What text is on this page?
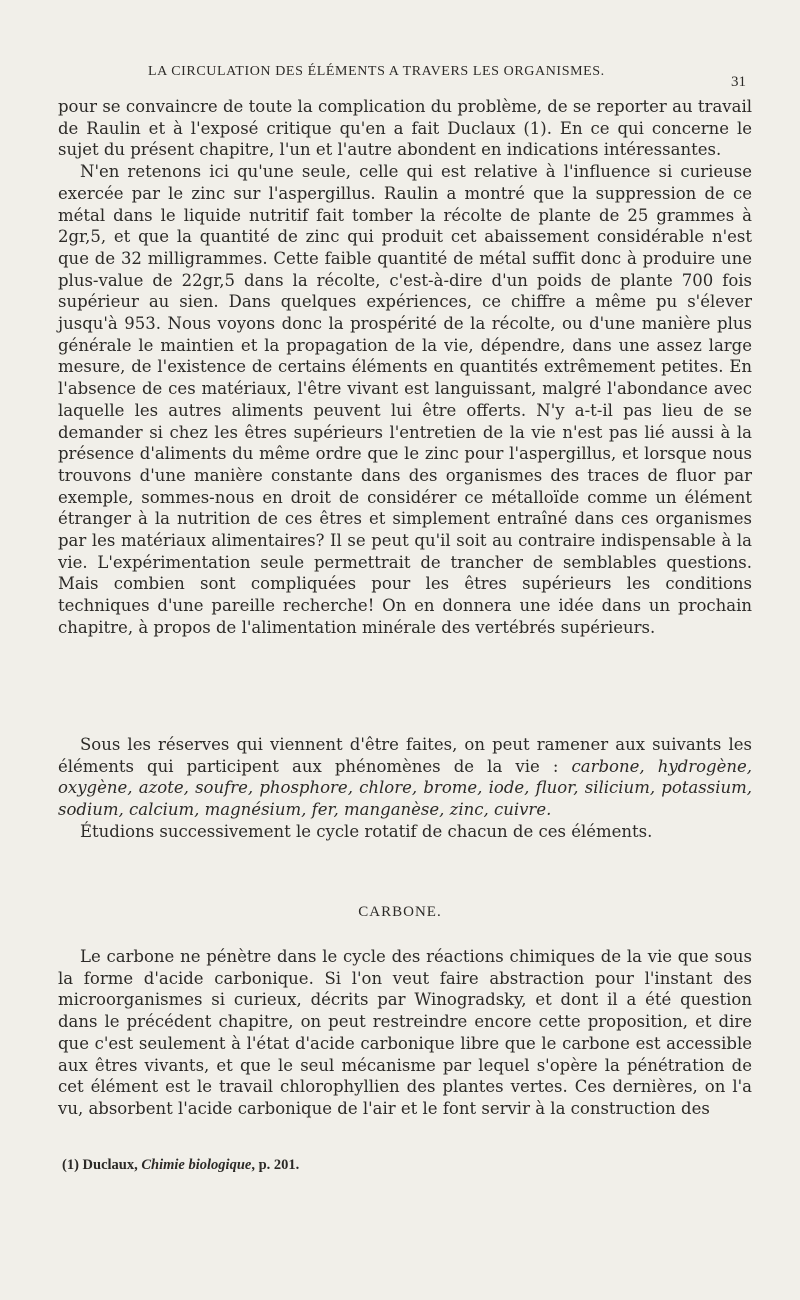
LA CIRCULATION DES ÉLÉMENTS A TRAVERS LES ORGANISMES.
31

pour se convaincre de toute la complication du problème, de se reporter au travail de Raulin et à l'exposé critique qu'en a fait Duclaux (1). En ce qui concerne le sujet du présent chapitre, l'un et l'autre abondent en indications intéressantes.

N'en retenons ici qu'une seule, celle qui est relative à l'influence si curieuse exercée par le zinc sur l'aspergillus. Raulin a montré que la suppression de ce métal dans le liquide nutritif fait tomber la récolte de plante de 25 grammes à 2gr,5, et que la quantité de zinc qui produit cet abaissement considérable n'est que de 32 milligrammes. Cette faible quantité de métal suffit donc à produire une plus-value de 22gr,5 dans la récolte, c'est-à-dire d'un poids de plante 700 fois supérieur au sien. Dans quelques expériences, ce chiffre a même pu s'élever jusqu'à 953. Nous voyons donc la prospérité de la récolte, ou d'une manière plus générale le maintien et la propagation de la vie, dépendre, dans une assez large mesure, de l'existence de certains éléments en quantités extrêmement petites. En l'absence de ces matériaux, l'être vivant est languissant, malgré l'abondance avec laquelle les autres aliments peuvent lui être offerts. N'y a-t-il pas lieu de se demander si chez les êtres supérieurs l'entretien de la vie n'est pas lié aussi à la présence d'aliments du même ordre que le zinc pour l'aspergillus, et lorsque nous trouvons d'une manière constante dans des organismes des traces de fluor par exemple, sommes-nous en droit de considérer ce métalloïde comme un élément étranger à la nutrition de ces êtres et simplement entraîné dans ces organismes par les matériaux alimentaires? Il se peut qu'il soit au contraire indispensable à la vie. L'expérimentation seule permettrait de trancher de semblables questions. Mais combien sont compliquées pour les êtres supérieurs les conditions techniques d'une pareille recherche! On en donnera une idée dans un prochain chapitre, à propos de l'alimentation minérale des vertébrés supérieurs.

Sous les réserves qui viennent d'être faites, on peut ramener aux suivants les éléments qui participent aux phénomènes de la vie : carbone, hydrogène, oxygène, azote, soufre, phosphore, chlore, brome, iode, fluor, silicium, potassium, sodium, calcium, magnésium, fer, manganèse, zinc, cuivre.

Étudions successivement le cycle rotatif de chacun de ces éléments.

CARBONE.

Le carbone ne pénètre dans le cycle des réactions chimiques de la vie que sous la forme d'acide carbonique. Si l'on veut faire abstraction pour l'instant des microorganismes si curieux, décrits par Winogradsky, et dont il a été question dans le précédent chapitre, on peut restreindre encore cette proposition, et dire que c'est seulement à l'état d'acide carbonique libre que le carbone est accessible aux êtres vivants, et que le seul mécanisme par lequel s'opère la pénétration de cet élément est le travail chlorophyllien des plantes vertes. Ces dernières, on l'a vu, absorbent l'acide carbonique de l'air et le font servir à la construction des

(1) Duclaux, Chimie biologique, p. 201.
